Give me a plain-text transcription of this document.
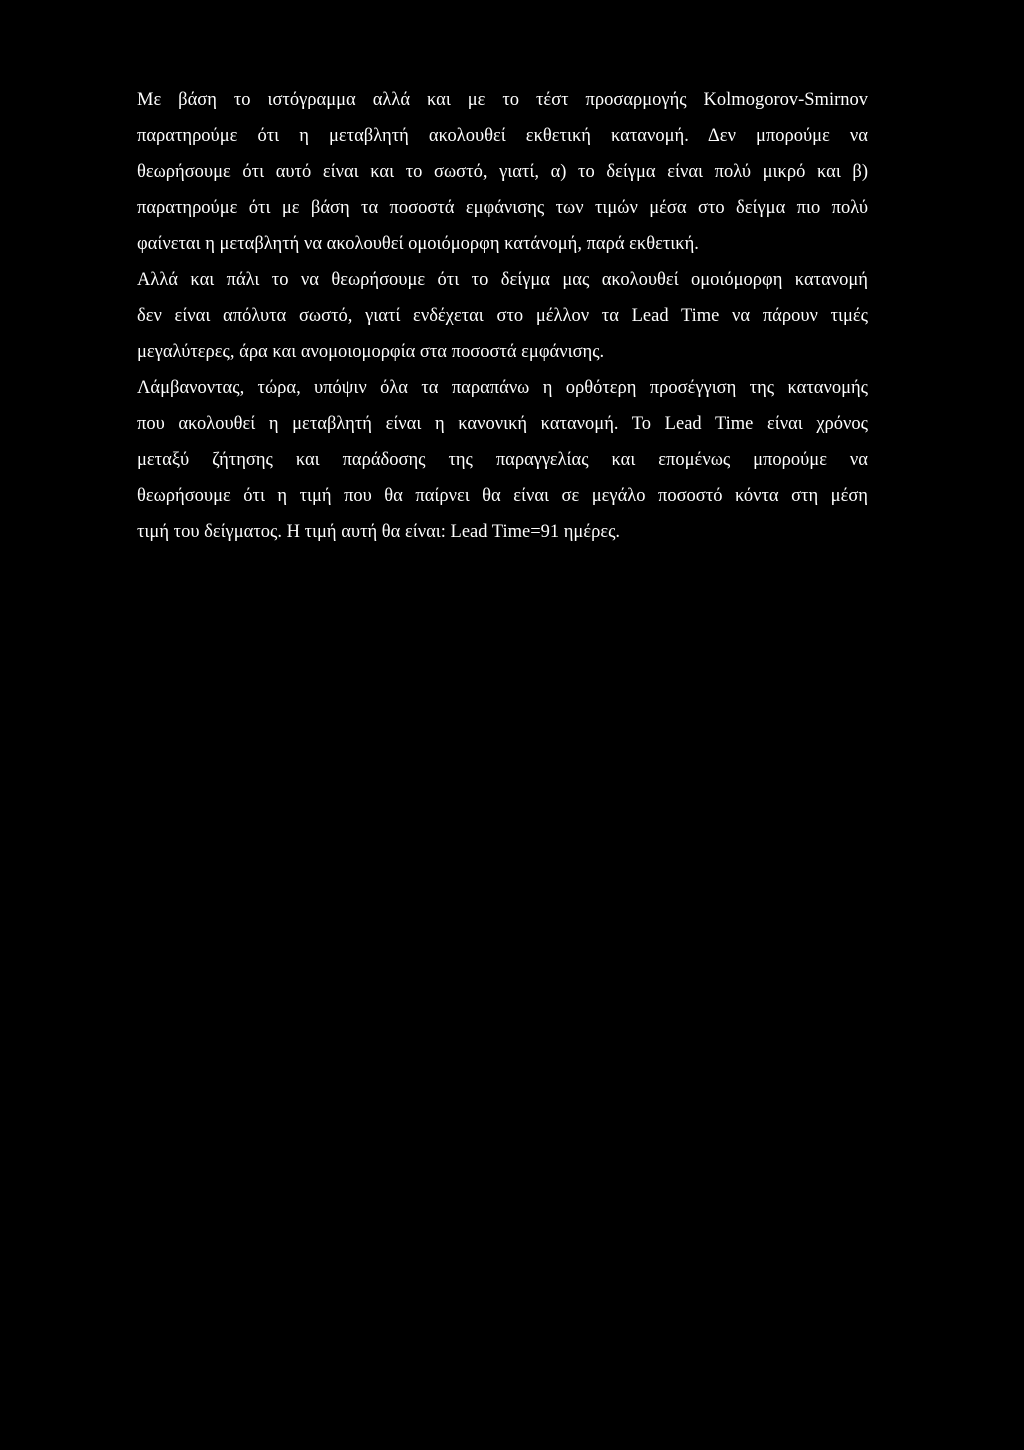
Με βάση το ιστόγραμμα αλλά και με το τέστ προσαρμογής Kolmogorov-Smirnov
παρατηρούμε ότι η μεταβλητή ακολουθεί εκθετική κατανομή. Δεν μπορούμε να
θεωρήσουμε ότι αυτό είναι και το σωστό, γιατί, α) το δείγμα είναι πολύ μικρό και β)
παρατηρούμε ότι με βάση τα ποσοστά εμφάνισης των τιμών μέσα στο δείγμα πιο πολύ
φαίνεται η μεταβλητή να ακολουθεί ομοιόμορφη κατάνομή, παρά εκθετική.
Αλλά και πάλι το να θεωρήσουμε ότι το δείγμα μας ακολουθεί ομοιόμορφη κατανομή
δεν είναι απόλυτα σωστό, γιατί ενδέχεται στο μέλλον τα Lead Time να πάρουν τιμές
μεγαλύτερες, άρα και ανομοιομορφία στα ποσοστά εμφάνισης.
Λάμβανοντας, τώρα, υπόψιν όλα τα παραπάνω η ορθότερη προσέγγιση της κατανομής
που ακολουθεί η μεταβλητή είναι η κανονική κατανομή. Το Lead Time είναι χρόνος
μεταξύ ζήτησης και παράδοσης της παραγγελίας και επομένως μπορούμε να
θεωρήσουμε ότι η τιμή που θα παίρνει θα είναι σε μεγάλο ποσοστό κόντα στη μέση
τιμή του δείγματος. Η τιμή αυτή θα είναι: Lead Time=91 ημέρες.
